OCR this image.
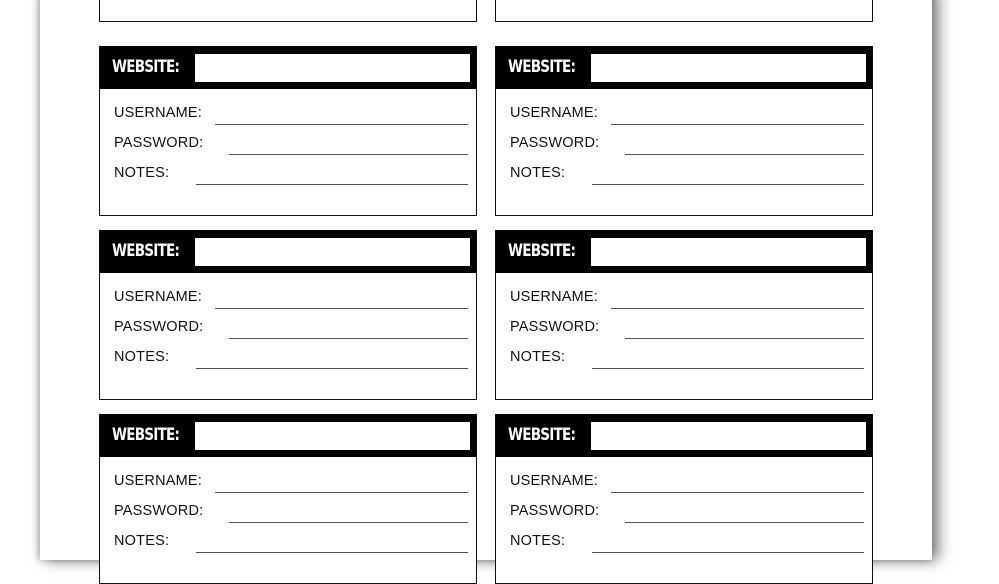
WEBSITE:
USERNAME:
PASSWORD:
NOTES:
WEBSITE:
USERNAME:
PASSWORD:
NOTES:
WEBSITE:
USERNAME:
PASSWORD:
NOTES:
WEBSITE:
USERNAME:
PASSWORD:
NOTES:
WEBSITE:
USERNAME:
PASSWORD:
NOTES:
WEBSITE:
USERNAME:
PASSWORD:
NOTES:
